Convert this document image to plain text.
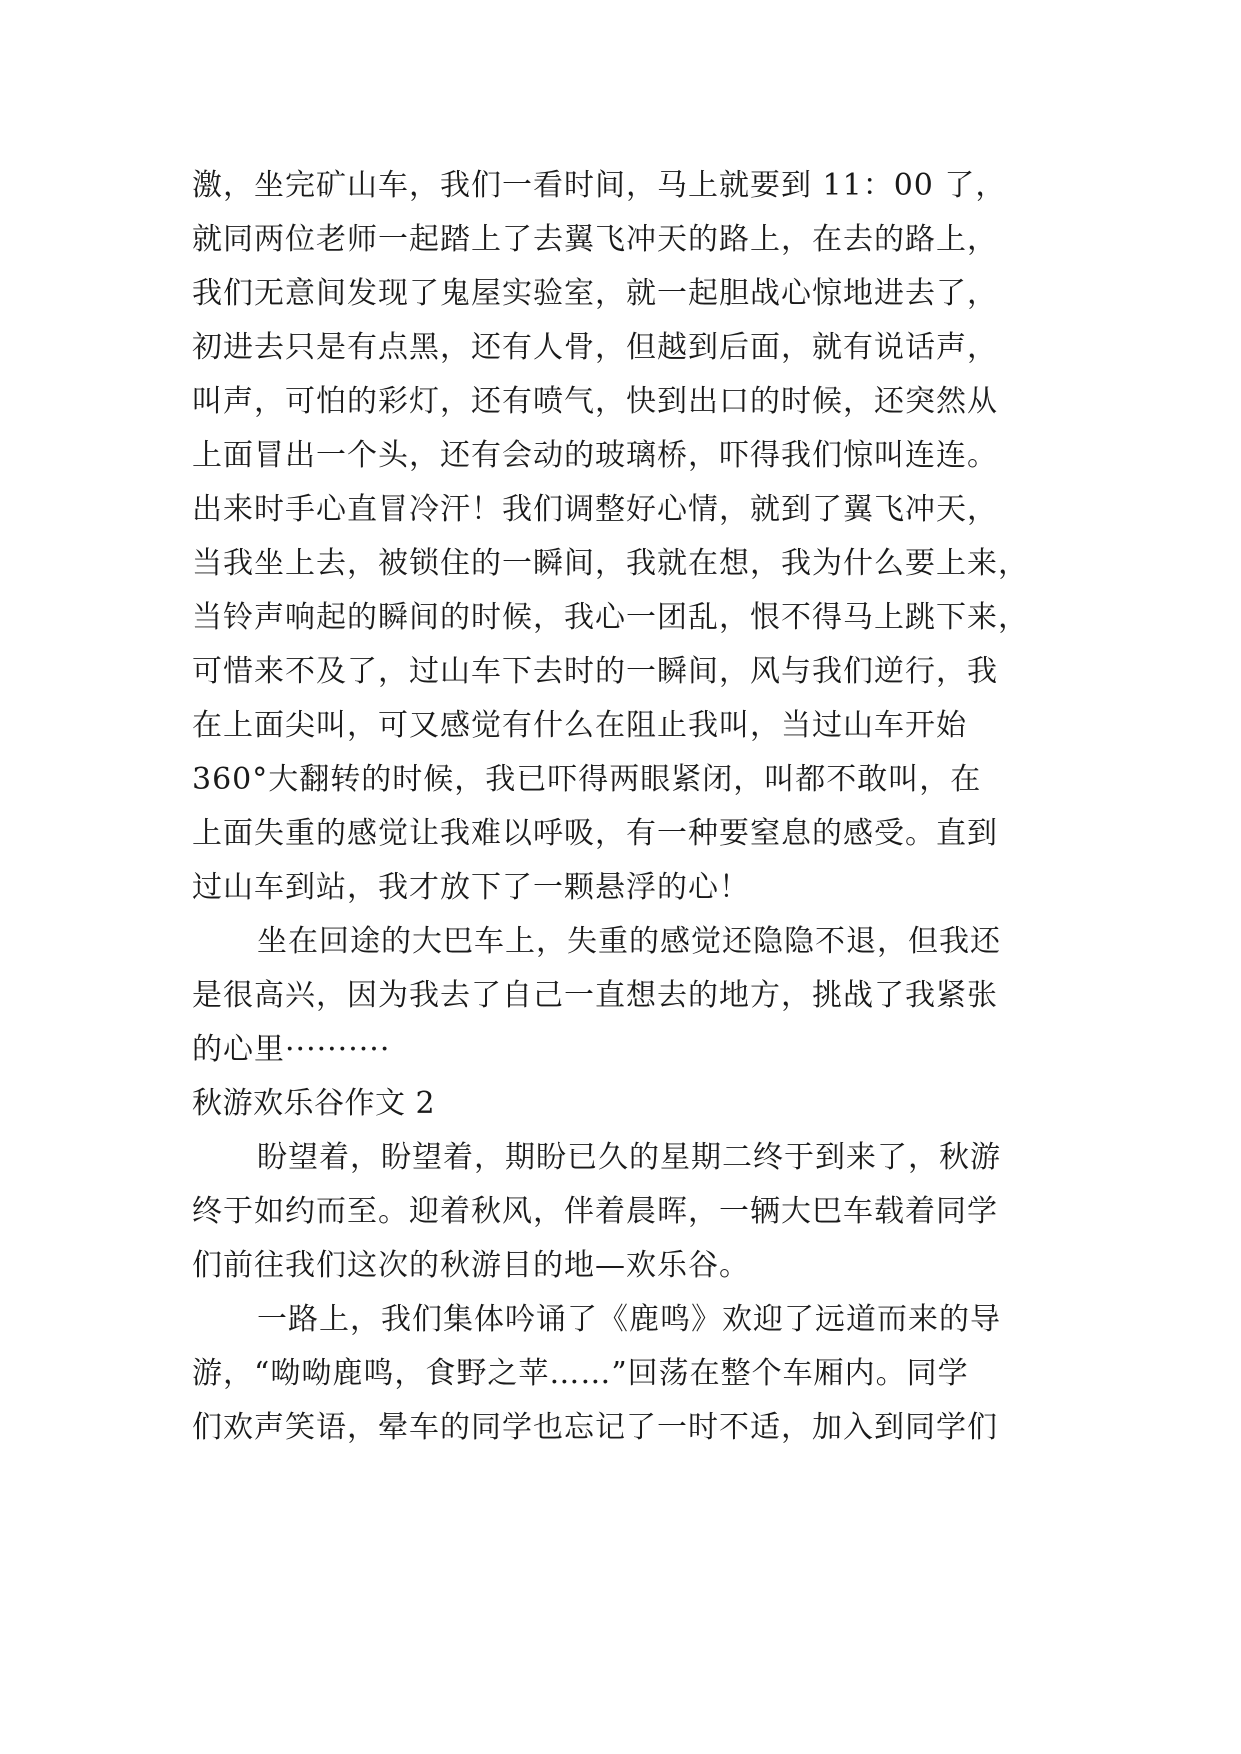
激，坐完矿山车，我们一看时间，马上就要到 11：00 了，
就同两位老师一起踏上了去翼飞冲天的路上，在去的路上，
我们无意间发现了鬼屋实验室，就一起胆战心惊地进去了，
初进去只是有点黑，还有人骨，但越到后面，就有说话声，
叫声，可怕的彩灯，还有喷气，快到出口的时候，还突然从
上面冒出一个头，还有会动的玻璃桥，吓得我们惊叫连连。
出来时手心直冒冷汗！我们调整好心情，就到了翼飞冲天，
当我坐上去，被锁住的一瞬间，我就在想，我为什么要上来，
当铃声响起的瞬间的时候，我心一团乱，恨不得马上跳下来，
可惜来不及了，过山车下去时的一瞬间，风与我们逆行，我
在上面尖叫，可又感觉有什么在阻止我叫，当过山车开始
360°大翻转的时候，我已吓得两眼紧闭，叫都不敢叫，在
上面失重的感觉让我难以呼吸，有一种要窒息的感受。直到
过山车到站，我才放下了一颗悬浮的心！
坐在回途的大巴车上，失重的感觉还隐隐不退，但我还
是很高兴，因为我去了自己一直想去的地方，挑战了我紧张
的心里··········
秋游欢乐谷作文 2
盼望着，盼望着，期盼已久的星期二终于到来了，秋游
终于如约而至。迎着秋风，伴着晨晖，一辆大巴车载着同学
们前往我们这次的秋游目的地—欢乐谷。
一路上，我们集体吟诵了《鹿鸣》欢迎了远道而来的导
游，“呦呦鹿鸣，食野之苹……”回荡在整个车厢内。同学
们欢声笑语，晕车的同学也忘记了一时不适，加入到同学们
